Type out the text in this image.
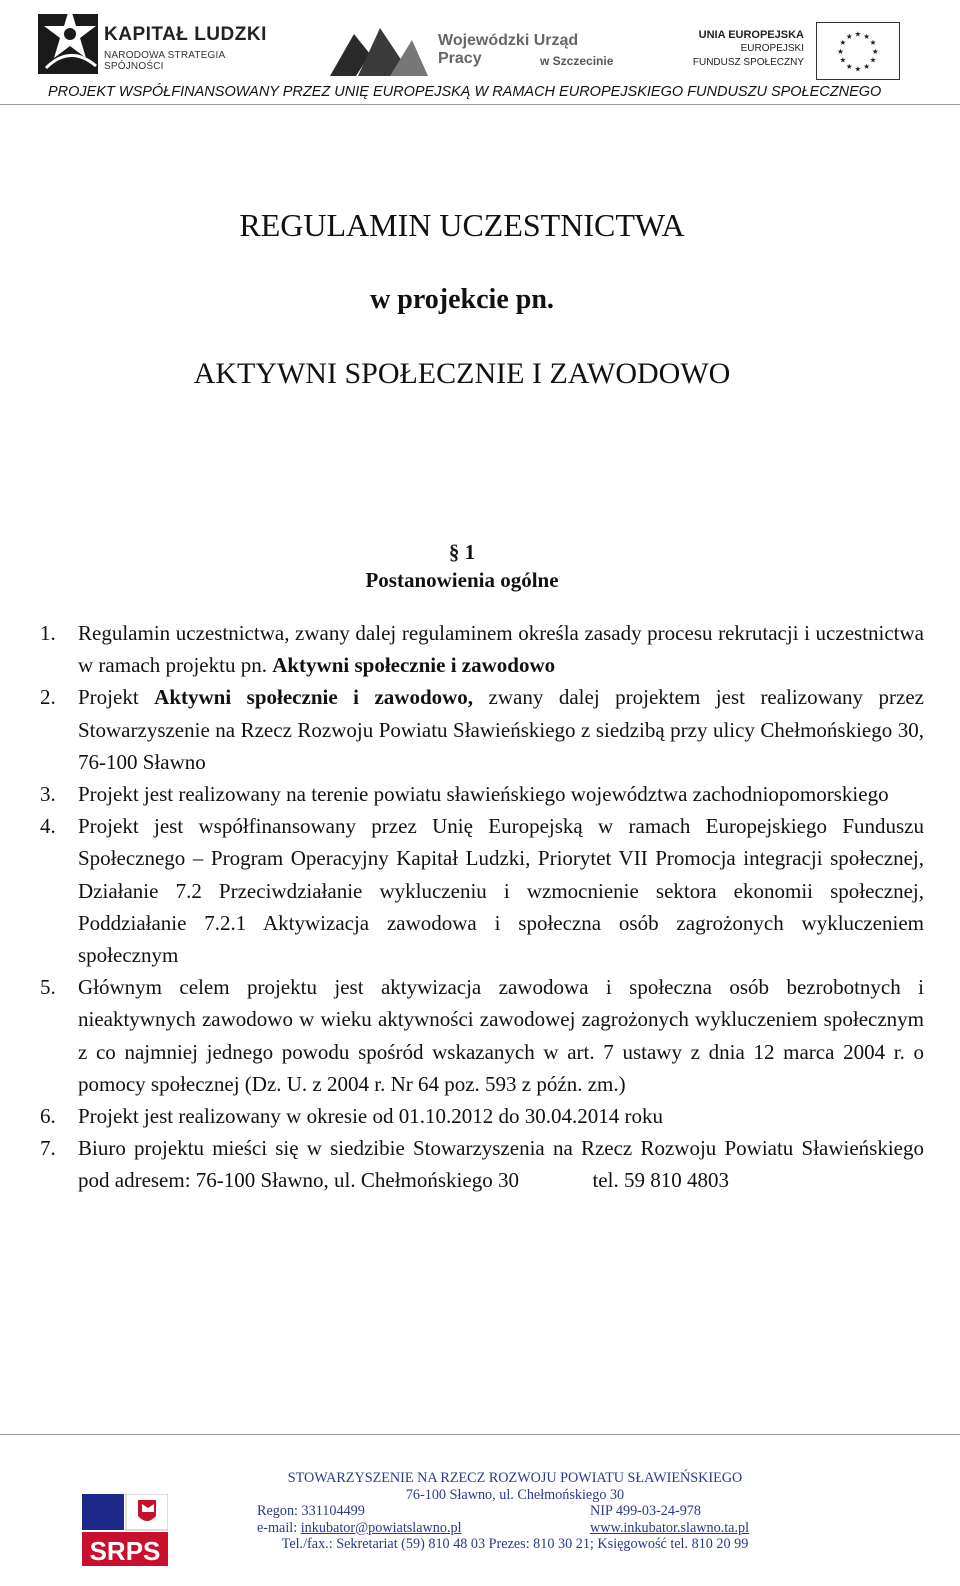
KAPITAŁ LUDZKI
NARODOWA STRATEGIA SPÓJNOŚCI
Wojewódzki Urząd Pracy	w Szczecinie
UNIA EUROPEJSKA
EUROPEJSKI
FUNDUSZ SPOŁECZNY
★ ★
★
★
★
★
★
★
★
★
★
★
PROJEKT WSPÓŁFINANSOWANY PRZEZ UNIĘ EUROPEJSKĄ W RAMACH EUROPEJSKIEGO FUNDUSZU SPOŁECZNEGO
REGULAMIN UCZESTNICTWA
w projekcie pn.
AKTYWNI SPOŁECZNIE I ZAWODOWO
§ 1
Postanowienia ogólne
1. Regulamin uczestnictwa, zwany dalej regulaminem określa zasady procesu rekrutacji i uczestnictwa w ramach projektu pn. Aktywni społecznie i zawodowo
2. Projekt Aktywni społecznie i zawodowo, zwany dalej projektem jest realizowany przez Stowarzyszenie na Rzecz Rozwoju Powiatu Sławieńskiego z siedzibą przy ulicy Chełmońskiego 30, 76-100 Sławno
3. Projekt jest realizowany na terenie powiatu sławieńskiego województwa zachodniopomorskiego
4. Projekt jest współfinansowany przez Unię Europejską w ramach Europejskiego Funduszu Społecznego – Program Operacyjny Kapitał Ludzki, Priorytet VII Promocja integracji społecznej, Działanie 7.2 Przeciwdziałanie wykluczeniu i wzmocnienie sektora ekonomii społecznej, Poddziałanie 7.2.1 Aktywizacja zawodowa i społeczna osób zagrożonych wykluczeniem społecznym
5. Głównym celem projektu jest aktywizacja zawodowa i społeczna osób bezrobotnych i nieaktywnych zawodowo w wieku aktywności zawodowej zagrożonych wykluczeniem społecznym z co najmniej jednego powodu spośród wskazanych w art. 7 ustawy z dnia 12 marca 2004 r. o pomocy społecznej (Dz. U. z 2004 r. Nr 64 poz. 593 z późn. zm.)
6. Projekt jest realizowany w okresie od 01.10.2012 do 30.04.2014 roku
7. Biuro projektu mieści się w siedzibie Stowarzyszenia na Rzecz Rozwoju Powiatu Sławieńskiego pod adresem: 76-100 Sławno, ul. Chełmońskiego 30              tel. 59 810 4803
SRPS
STOWARZYSZENIE NA RZECZ ROZWOJU POWIATU SŁAWIEŃSKIEGO
76-100 Sławno, ul. Chełmońskiego 30
Regon: 331104499	NIP 499-03-24-978
e-mail: inkubator@powiatslawno.pl	www.inkubator.slawno.ta.pl
Tel./fax.: Sekretariat (59) 810 48 03 Prezes: 810 30 21; Księgowość tel. 810 20 99
